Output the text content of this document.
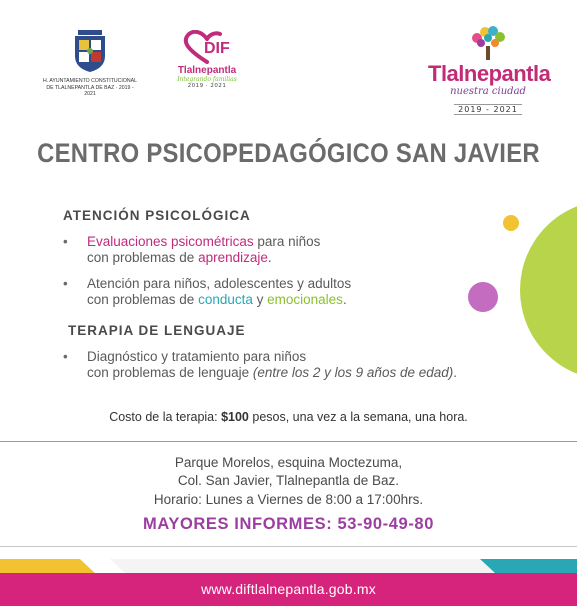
H. AYUNTAMIENTO CONSTITUCIONAL DE TLALNEPANTLA DE BAZ · 2019 - 2021
DIF
Tlalnepantla
Integrando familias
2019 · 2021	Tlalnepantla
nuestra ciudad
2019 - 2021
CENTRO PSICOPEDAGÓGICO SAN JAVIER
ATENCIÓN PSICOLÓGICA
• Evaluaciones psicométricas para niños
con problemas de aprendizaje.
• Atención para niños, adolescentes y adultos
con problemas de conducta y emocionales.
TERAPIA DE LENGUAJE
• Diagnóstico y tratamiento para niños
con problemas de lenguaje (entre los 2 y los 9 años de edad).
Costo de la terapia: $100 pesos, una vez a la semana, una hora.
Parque Morelos, esquina Moctezuma,
Col. San Javier, Tlalnepantla de Baz.
Horario: Lunes a Viernes de 8:00 a 17:00hrs.
MAYORES INFORMES: 53-90-49-80
www.diftlalnepantla.gob.mx
